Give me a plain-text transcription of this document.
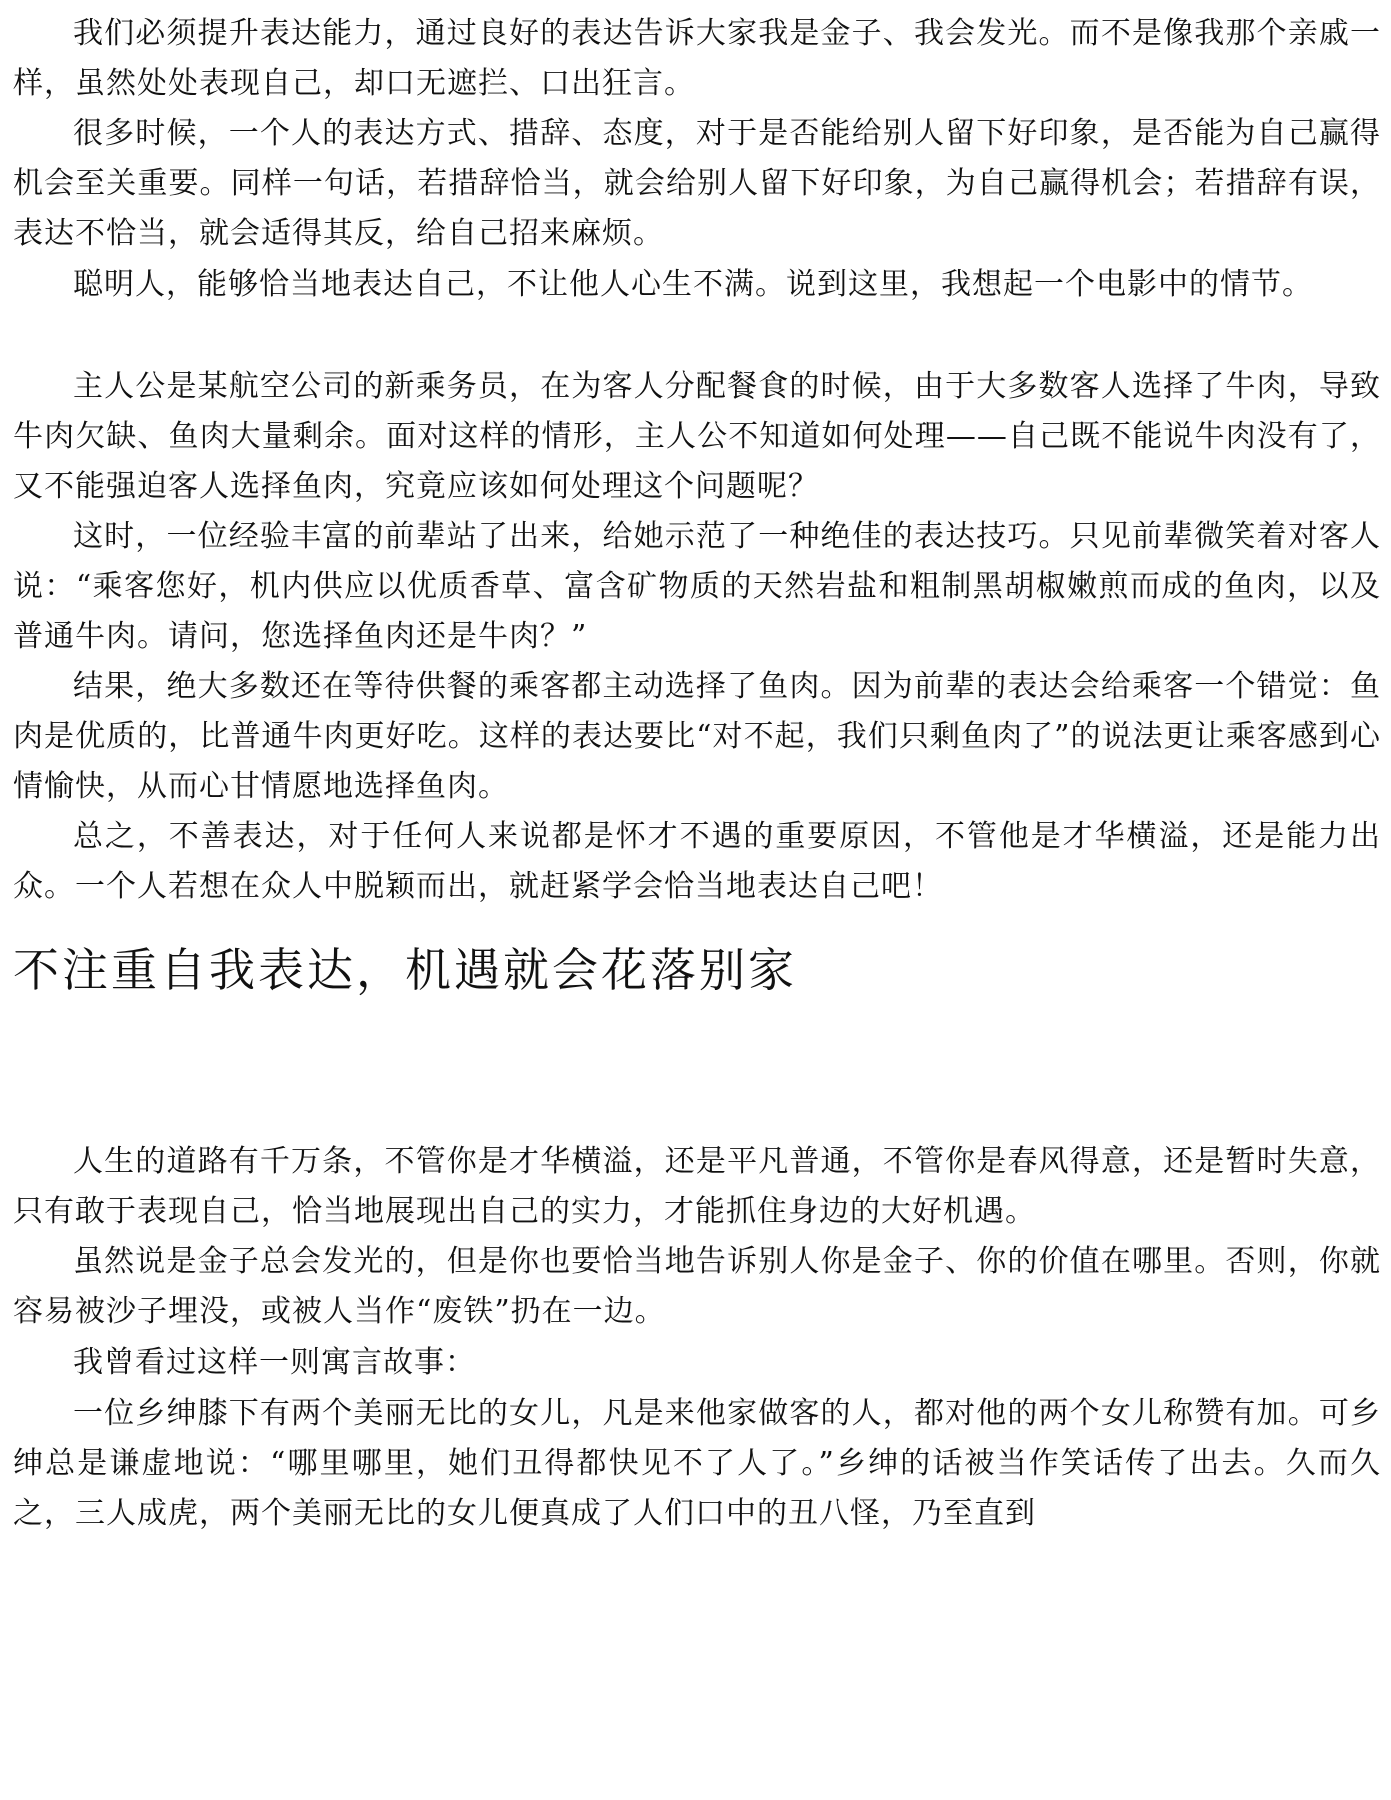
我们必须提升表达能力，通过良好的表达告诉大家我是金子、我会发光。而不是像我那个亲戚一样，虽然处处表现自己，却口无遮拦、口出狂言。

很多时候，一个人的表达方式、措辞、态度，对于是否能给别人留下好印象，是否能为自己赢得机会至关重要。同样一句话，若措辞恰当，就会给别人留下好印象，为自己赢得机会；若措辞有误，表达不恰当，就会适得其反，给自己招来麻烦。

聪明人，能够恰当地表达自己，不让他人心生不满。说到这里，我想起一个电影中的情节。

主人公是某航空公司的新乘务员，在为客人分配餐食的时候，由于大多数客人选择了牛肉，导致牛肉欠缺、鱼肉大量剩余。面对这样的情形，主人公不知道如何处理——自己既不能说牛肉没有了，又不能强迫客人选择鱼肉，究竟应该如何处理这个问题呢？

这时，一位经验丰富的前辈站了出来，给她示范了一种绝佳的表达技巧。只见前辈微笑着对客人说：“乘客您好，机内供应以优质香草、富含矿物质的天然岩盐和粗制黑胡椒嫩煎而成的鱼肉，以及普通牛肉。请问，您选择鱼肉还是牛肉？”

结果，绝大多数还在等待供餐的乘客都主动选择了鱼肉。因为前辈的表达会给乘客一个错觉：鱼肉是优质的，比普通牛肉更好吃。这样的表达要比“对不起，我们只剩鱼肉了”的说法更让乘客感到心情愉快，从而心甘情愿地选择鱼肉。

总之，不善表达，对于任何人来说都是怀才不遇的重要原因，不管他是才华横溢，还是能力出众。一个人若想在众人中脱颖而出，就赶紧学会恰当地表达自己吧！

不注重自我表达，机遇就会花落别家

人生的道路有千万条，不管你是才华横溢，还是平凡普通，不管你是春风得意，还是暂时失意，只有敢于表现自己，恰当地展现出自己的实力，才能抓住身边的大好机遇。

虽然说是金子总会发光的，但是你也要恰当地告诉别人你是金子、你的价值在哪里。否则，你就容易被沙子埋没，或被人当作“废铁”扔在一边。

我曾看过这样一则寓言故事：

一位乡绅膝下有两个美丽无比的女儿，凡是来他家做客的人，都对他的两个女儿称赞有加。可乡绅总是谦虚地说：“哪里哪里，她们丑得都快见不了人了。”乡绅的话被当作笑话传了出去。久而久之，三人成虎，两个美丽无比的女儿便真成了人们口中的丑八怪，乃至直到
